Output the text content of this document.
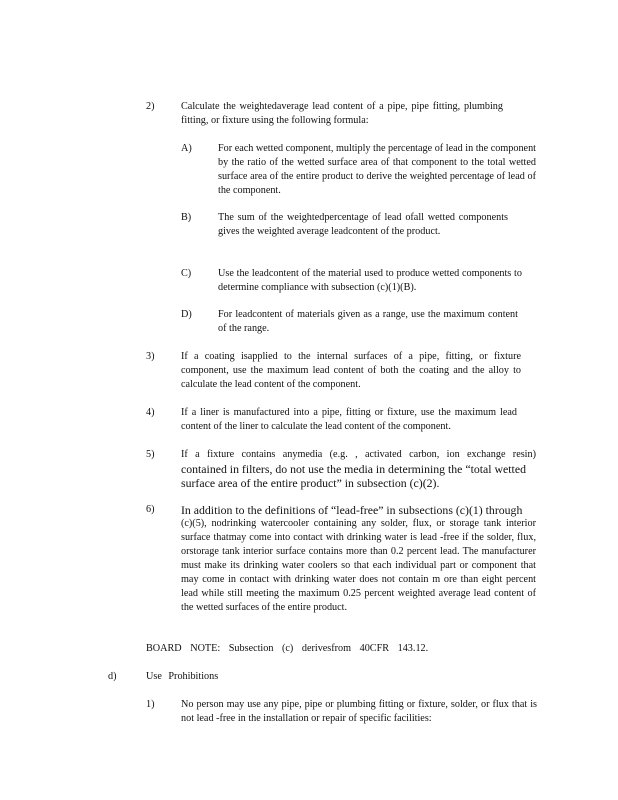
2)	Calculate the weightedaverage lead content of a pipe, pipe fitting, plumbing fitting, or fixture using the following formula:
A)	For each wetted component, multiply the percentage of lead in the component by the ratio of the wetted surface area of that component to the total wetted surface area of the entire product to derive the weighted percentage of lead of the component.
B)	The sum of the weightedpercentage of lead ofall wetted components gives the weighted average leadcontent of the product.
C)	Use the leadcontent of the material used to produce wetted components to determine compliance with subsection (c)(1)(B).
D)	For leadcontent of materials given as a range, use the maximum content of the range.
3)	If a coating isapplied to the internal surfaces of a pipe, fitting, or fixture component, use the maximum lead content of both the coating and the alloy to calculate the lead content of the component.
4)	If a liner is manufactured into a pipe, fitting or fixture, use the maximum lead content of the liner to calculate the lead content of the component.
5)	If a fixture contains anymedia (e.g. , activated carbon, ion exchange resin)
contained in filters, do not use the media in determining the “total wetted surface area of the entire product” in subsection (c)(2).
6) In addition to the definitions of “lead-free” in subsections (c)(1) through
(c)(5), nodrinking watercooler containing any solder, flux, or storage tank interior surface thatmay come into contact with drinking water is lead -free if the solder, flux, orstorage tank interior surface contains more than 0.2 percent lead. The manufacturer must make its drinking water coolers so that each individual part or component that may come in contact with drinking water does not contain m ore than eight percent lead while still meeting the maximum 0.25 percent weighted average lead content of the wetted surfaces of the entire product.
BOARD NOTE: Subsection (c) derivesfrom 40CFR 143.12.
d)	Use Prohibitions
1)	No person may use any pipe, pipe or plumbing fitting or fixture, solder, or flux that is not lead -free in the installation or repair of specific facilities:
